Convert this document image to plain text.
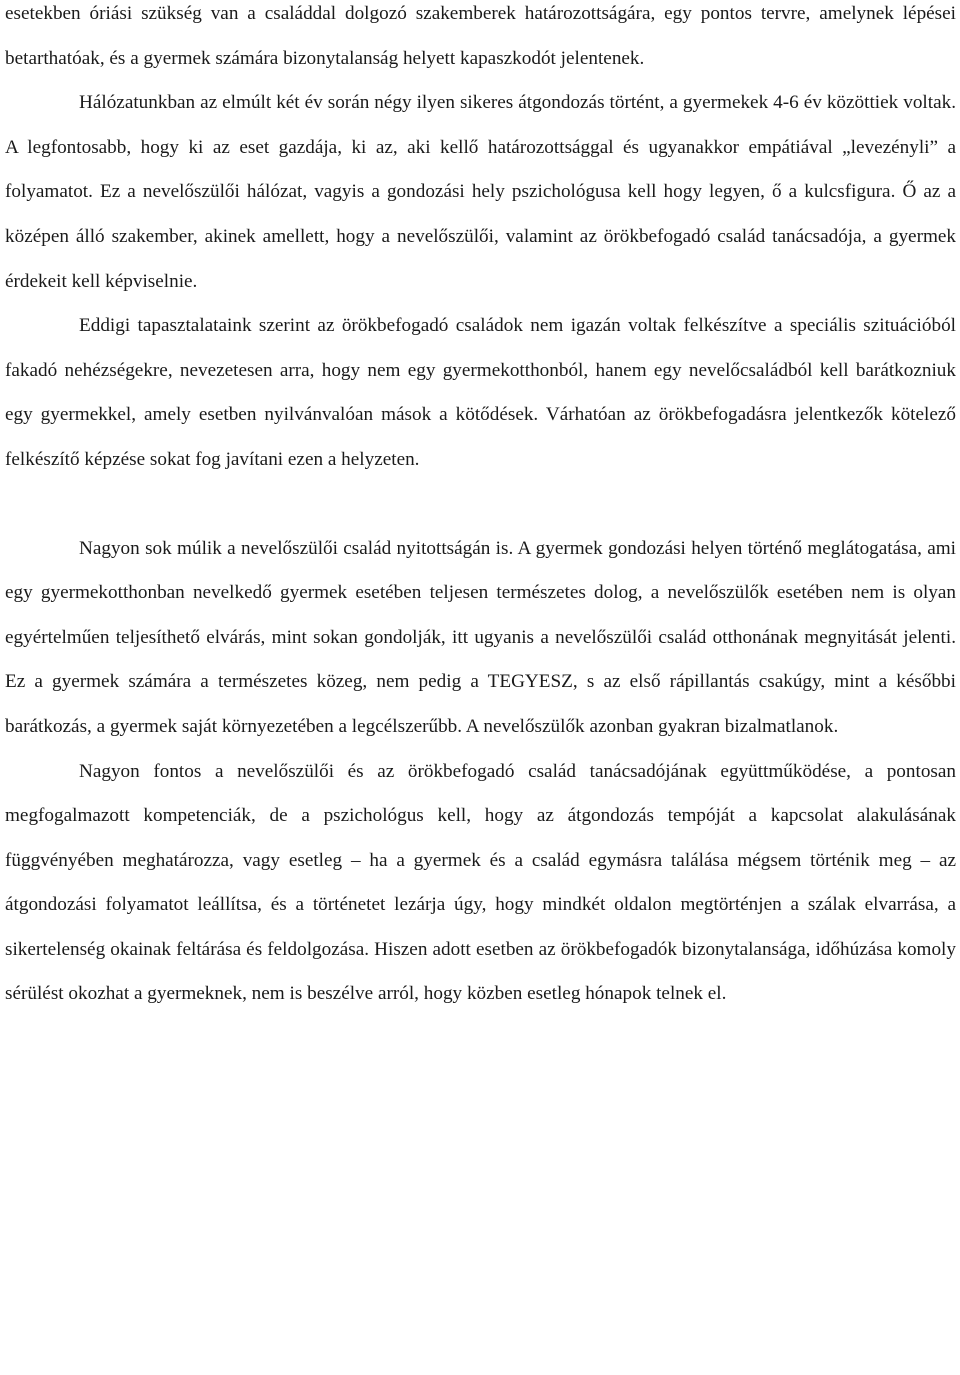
esetekben óriási szükség van a családdal dolgozó szakemberek határozottságára, egy pontos tervre, amelynek lépései betarthatóak, és a gyermek számára bizonytalanság helyett kapaszkodót jelentenek.

Hálózatunkban az elmúlt két év során négy ilyen sikeres átgondozás történt, a gyermekek 4-6 év közöttiek voltak. A legfontosabb, hogy ki az eset gazdája, ki az, aki kellő határozottsággal és ugyanakkor empátiával „levezényli” a folyamatot. Ez a nevelőszülői hálózat, vagyis a gondozási hely pszichológusa kell hogy legyen, ő a kulcsfigura. Ő az a középen álló szakember, akinek amellett, hogy a nevelőszülői, valamint az örökbefogadó család tanácsadója, a gyermek érdekeit kell képviselnie.

Eddigi tapasztalataink szerint az örökbefogadó családok nem igazán voltak felkészítve a speciális szituációból fakadó nehézségekre, nevezetesen arra, hogy nem egy gyermekotthonból, hanem egy nevelőcsaládból kell barátkozniuk egy gyermekkel, amely esetben nyilvánvalóan mások a kötődések. Várhatóan az örökbefogadásra jelentkezők kötelező felkészítő képzése sokat fog javítani ezen a helyzeten.

Nagyon sok múlik a nevelőszülői család nyitottságán is. A gyermek gondozási helyen történő meglátogatása, ami egy gyermekotthonban nevelkedő gyermek esetében teljesen természetes dolog, a nevelőszülők esetében nem is olyan egyértelműen teljesíthető elvárás, mint sokan gondolják, itt ugyanis a nevelőszülői család otthonának megnyitását jelenti. Ez a gyermek számára a természetes közeg, nem pedig a TEGYESZ, s az első rápillantás csakúgy, mint a későbbi barátkozás, a gyermek saját környezetében a legcélszerűbb. A nevelőszülők azonban gyakran bizalmatlanok.

Nagyon fontos a nevelőszülői és az örökbefogadó család tanácsadójának együttműködése, a pontosan megfogalmazott kompetenciák, de a pszichológus kell, hogy az átgondozás tempóját a kapcsolat alakulásának függvényében meghatározza, vagy esetleg – ha a gyermek és a család egymásra találása mégsem történik meg – az átgondozási folyamatot leállítsa, és a történetet lezárja úgy, hogy mindkét oldalon megtörténjen a szálak elvarrása, a sikertelenség okainak feltárása és feldolgozása. Hiszen adott esetben az örökbefogadók bizonytalansága, időhúzása komoly sérülést okozhat a gyermeknek, nem is beszélve arról, hogy közben esetleg hónapok telnek el.
